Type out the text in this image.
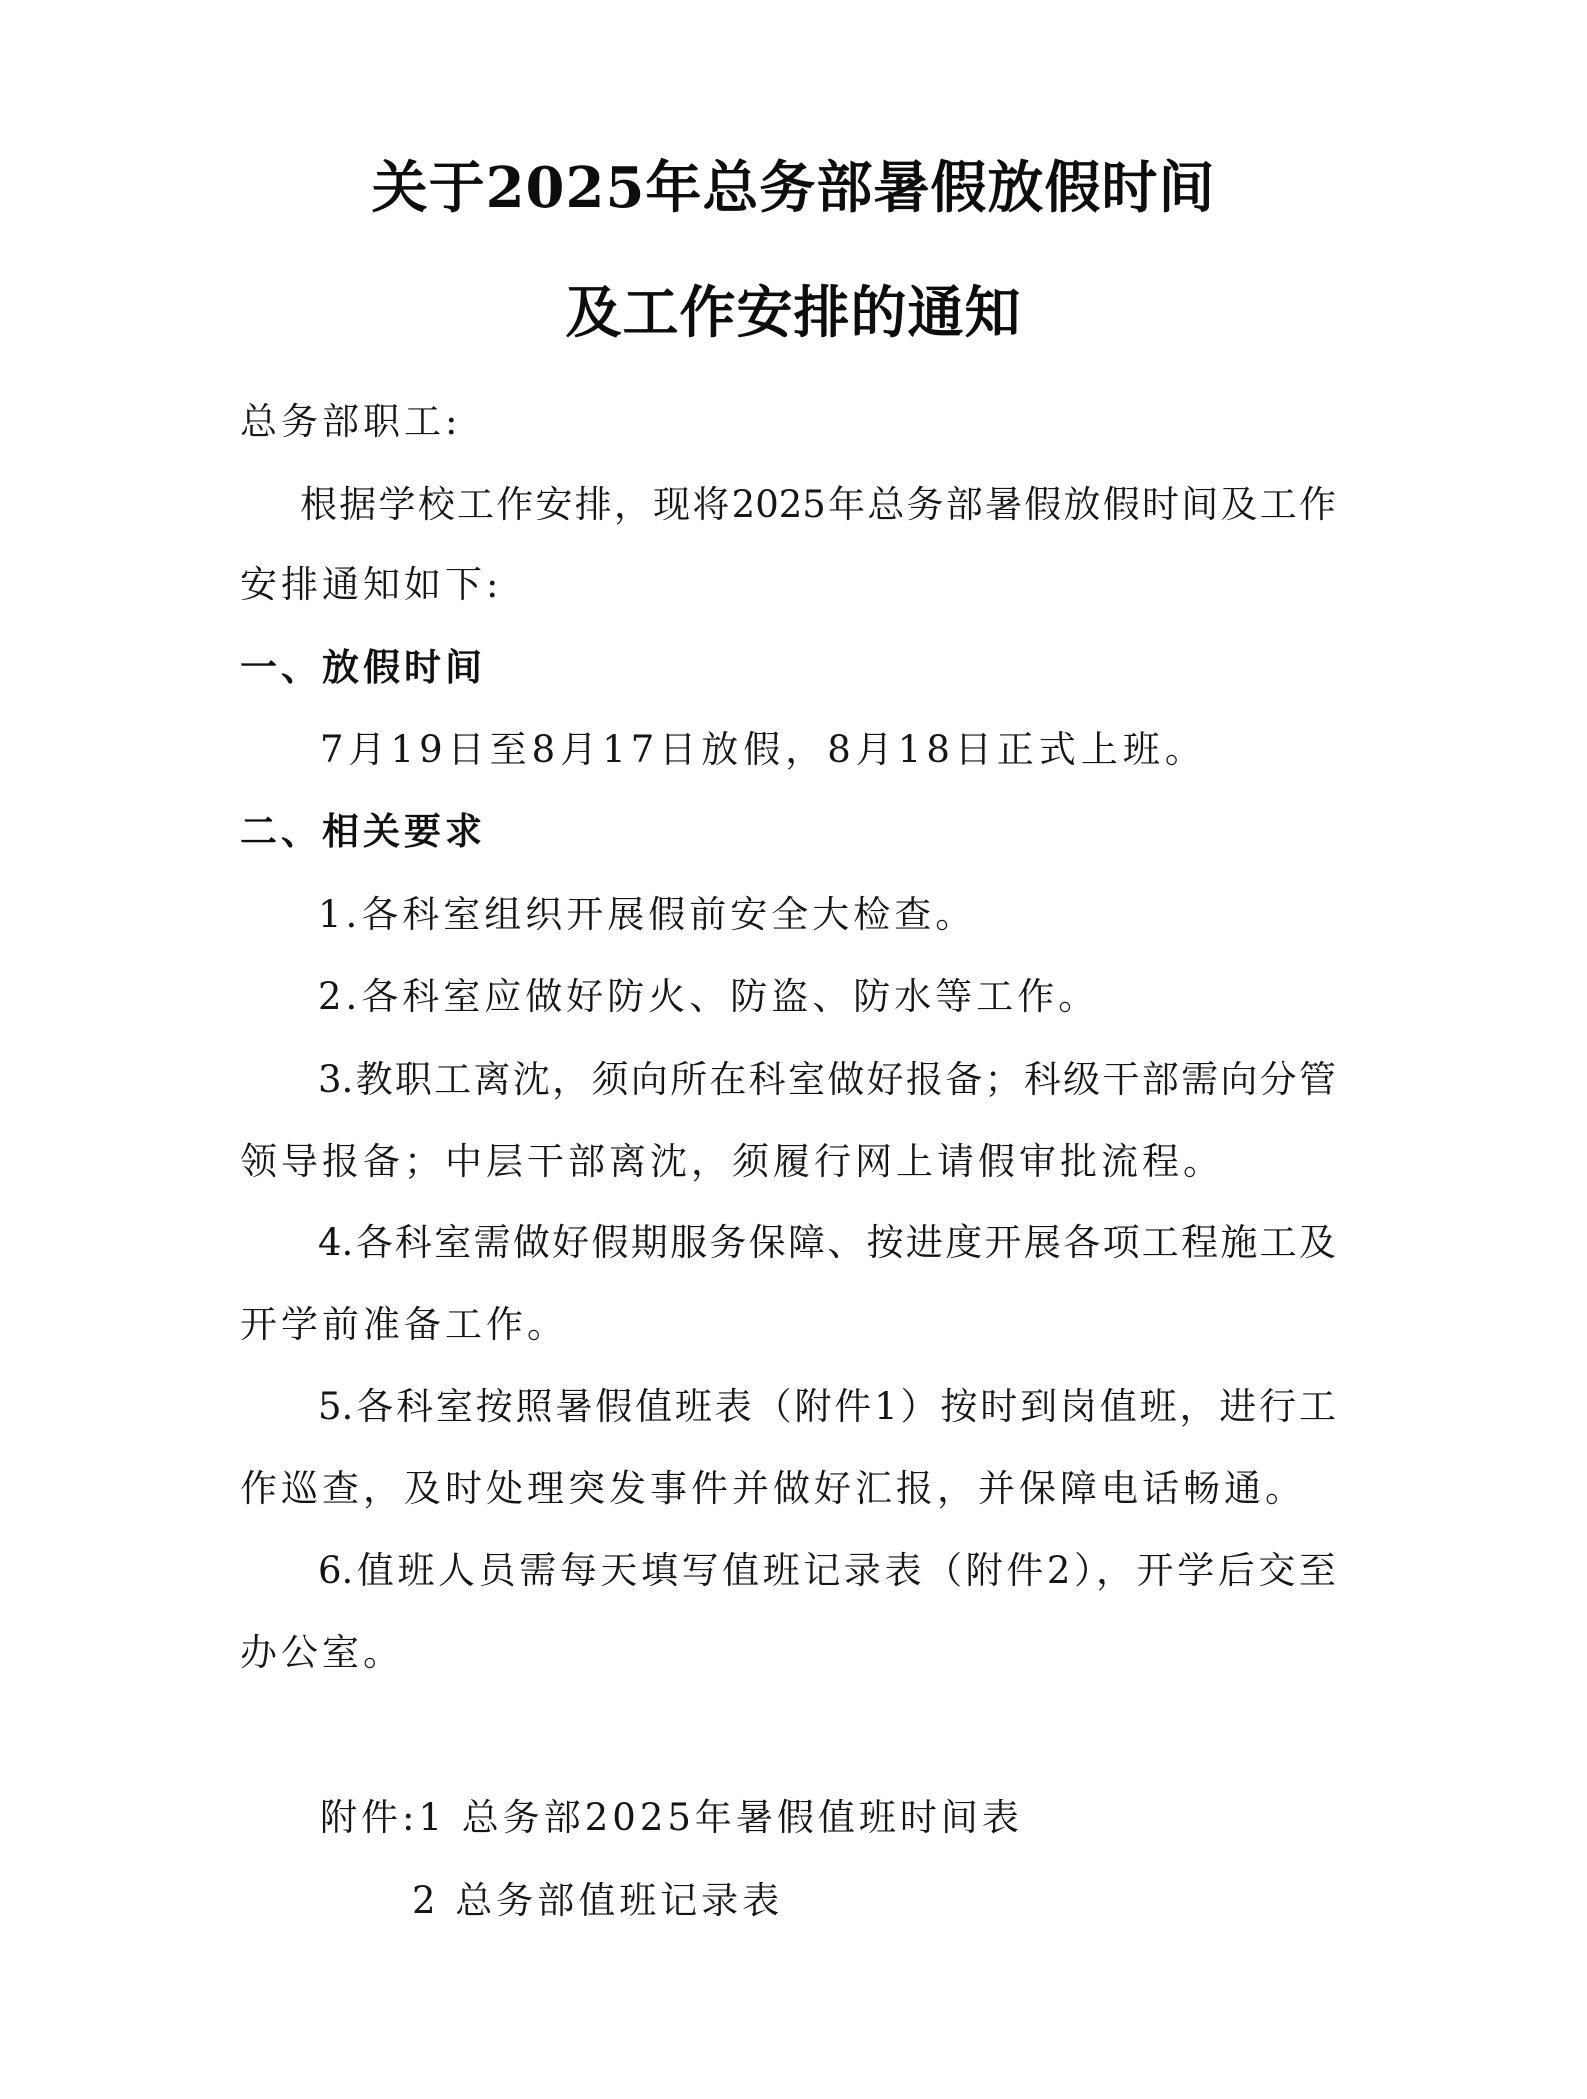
关于2025年总务部暑假放假时间
及工作安排的通知
总务部职工:
根据学校工作安排，现将2025年总务部暑假放假时间及工作
安排通知如下:
一、放假时间
7月19日至8月17日放假，8月18日正式上班。
二、相关要求
1.各科室组织开展假前安全大检查。
2.各科室应做好防火、防盗、防水等工作。
3.教职工离沈，须向所在科室做好报备；科级干部需向分管
领导报备；中层干部离沈，须履行网上请假审批流程。
4.各科室需做好假期服务保障、按进度开展各项工程施工及
开学前准备工作。
5.各科室按照暑假值班表（附件1）按时到岗值班，进行工
作巡查，及时处理突发事件并做好汇报，并保障电话畅通。
6.值班人员需每天填写值班记录表（附件2），开学后交至
办公室。
附件:1 总务部2025年暑假值班时间表
2 总务部值班记录表
